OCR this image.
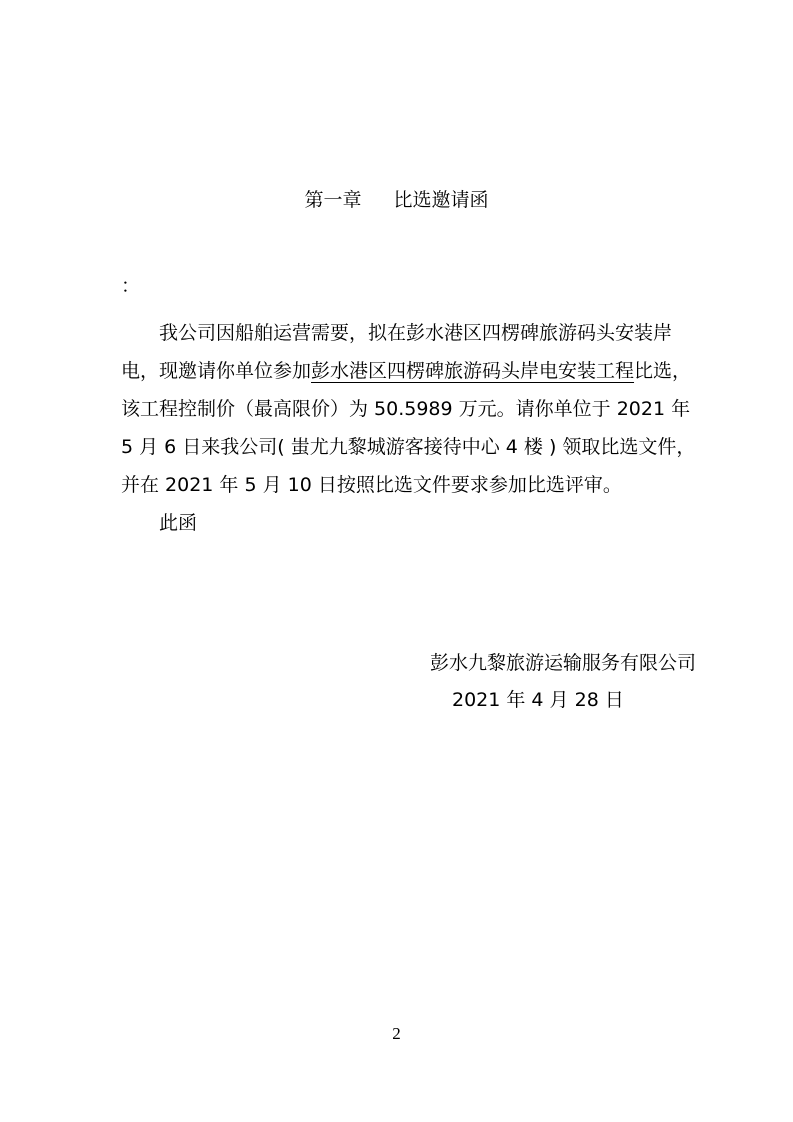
第一章 比选邀请函
：

我公司因船舶运营需要，拟在彭水港区四楞碑旅游码头安装岸电，现邀请你单位参加彭水港区四楞碑旅游码头岸电安装工程比选，该工程控制价（最高限价）为 50.5989 万元。请你单位于 2021 年 5 月 6 日来我公司( 蚩尤九黎城游客接待中心 4 楼 ) 领取比选文件，并在 2021 年 5 月 10 日按照比选文件要求参加比选评审。

此函

彭水九黎旅游运输服务有限公司
2021 年 4 月 28 日
2
